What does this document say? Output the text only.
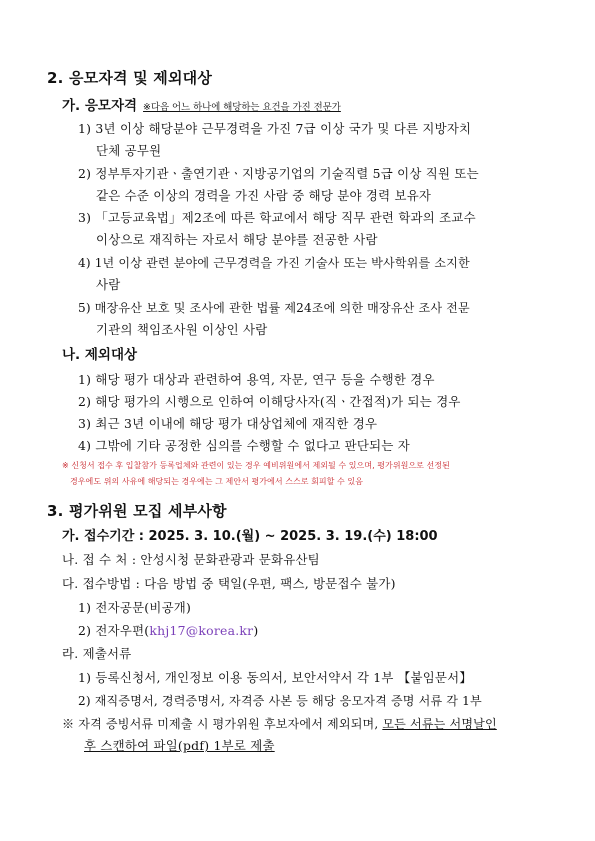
2. 응모자격 및 제외대상
가. 응모자격 ※다음 어느 하나에 해당하는 요건을 가진 전문가
1) 3년 이상 해당분야 근무경력을 가진 7급 이상 국가 및 다른 지방자치
단체 공무원
2) 정부투자기관ㆍ출연기관ㆍ지방공기업의 기술직렬 5급 이상 직원 또는
같은 수준 이상의 경력을 가진 사람 중 해당 분야 경력 보유자
3) 「고등교육법」제2조에 따른 학교에서 해당 직무 관련 학과의 조교수
이상으로 재직하는 자로서 해당 분야를 전공한 사람
4) 1년 이상 관련 분야에 근무경력을 가진 기술사 또는 박사학위를 소지한
사람
5) 매장유산 보호 및 조사에 관한 법률 제24조에 의한 매장유산 조사 전문
기관의 책임조사원 이상인 사람
나. 제외대상
1) 해당 평가 대상과 관련하여 용역, 자문, 연구 등을 수행한 경우
2) 해당 평가의 시행으로 인하여 이해당사자(직ㆍ간접적)가 되는 경우
3) 최근 3년 이내에 해당 평가 대상업체에 재직한 경우
4) 그밖에 기타 공정한 심의를 수행할 수 없다고 판단되는 자
※ 신청서 접수 후 입찰참가 등록업체와 관련이 있는 경우 예비위원에서 제외될 수 있으며, 평가위원으로 선정된
경우에도 위의 사유에 해당되는 경우에는 그 제안서 평가에서 스스로 회피할 수 있음
3. 평가위원 모집 세부사항
가. 접수기간 : 2025. 3. 10.(월) ~ 2025. 3. 19.(수) 18:00
나. 접 수 처 : 안성시청 문화관광과 문화유산팀
다. 접수방법 : 다음 방법 중 택일(우편, 팩스, 방문접수 불가)
1) 전자공문(비공개)
2) 전자우편(khj17@korea.kr)
라. 제출서류
1) 등록신청서, 개인정보 이용 동의서, 보안서약서 각 1부 【붙임문서】
2) 재직증명서, 경력증명서, 자격증 사본 등 해당 응모자격 증명 서류 각 1부
※ 자격 증빙서류 미제출 시 평가위원 후보자에서 제외되며, 모든 서류는 서명날인
후 스캔하여 파일(pdf) 1부로 제출
